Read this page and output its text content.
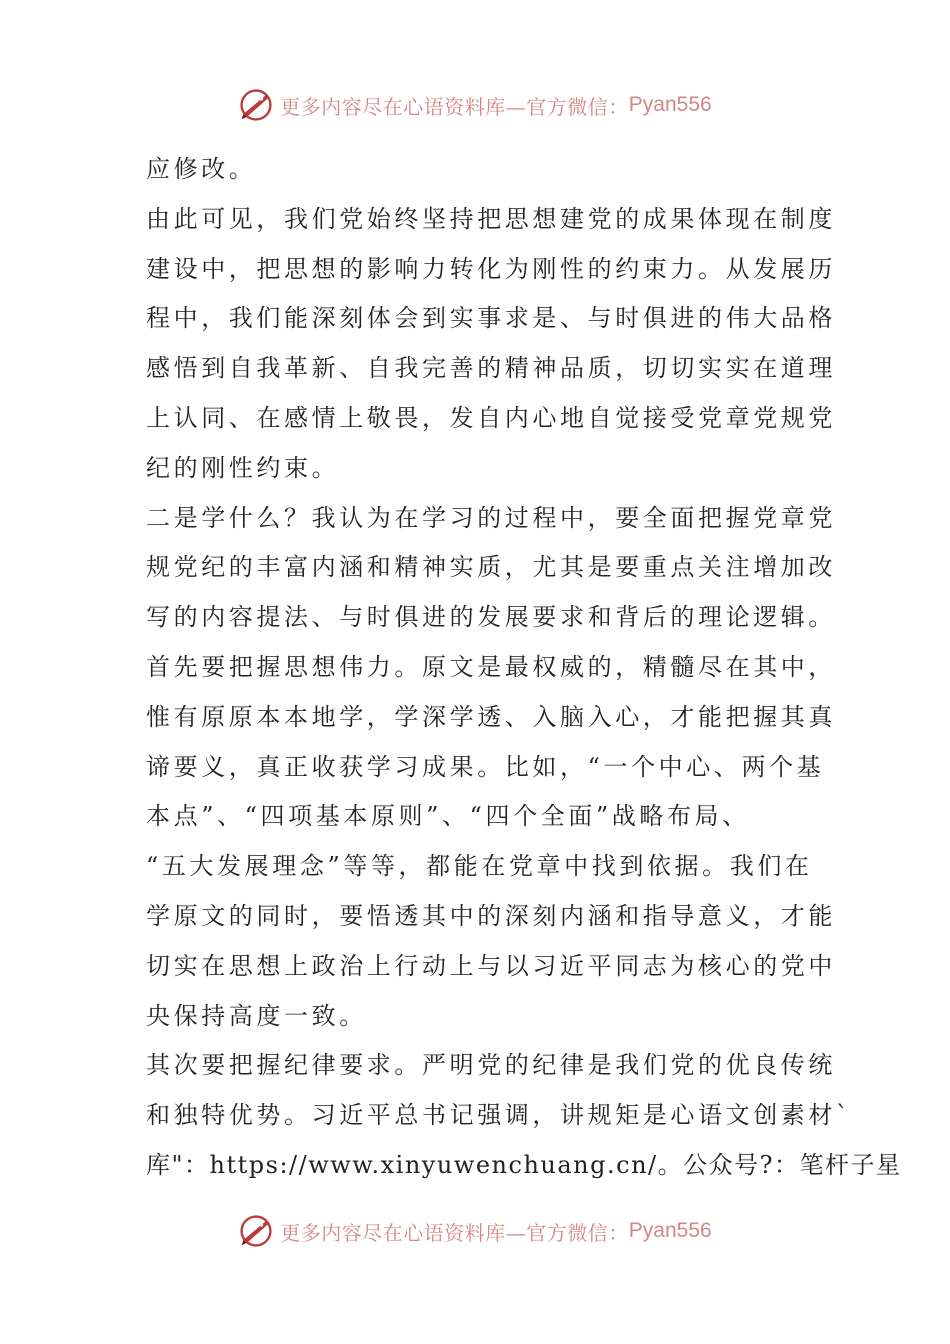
更多内容尽在心语资料库—官方微信： Pyan556
应修改。
由此可见，我们党始终坚持把思想建党的成果体现在制度
建设中，把思想的影响力转化为刚性的约束力。从发展历
程中，我们能深刻体会到实事求是、与时俱进的伟大品格
感悟到自我革新、自我完善的精神品质，切切实实在道理
上认同、在感情上敬畏，发自内心地自觉接受党章党规党
纪的刚性约束。
二是学什么？我认为在学习的过程中，要全面把握党章党
规党纪的丰富内涵和精神实质，尤其是要重点关注增加改
写的内容提法、与时俱进的发展要求和背后的理论逻辑。
首先要把握思想伟力。原文是最权威的，精髓尽在其中，
惟有原原本本地学，学深学透、入脑入心，才能把握其真
谛要义，真正收获学习成果。比如，“一个中心、两个基
本点”、“四项基本原则”、“四个全面”战略布局、
“五大发展理念”等等，都能在党章中找到依据。我们在
学原文的同时，要悟透其中的深刻内涵和指导意义，才能
切实在思想上政治上行动上与以习近平同志为核心的党中
央保持高度一致。
其次要把握纪律要求。严明党的纪律是我们党的优良传统
和独特优势。习近平总书记强调，讲规矩是心语文创素材`
库"：https://www.xinyuwenchuang.cn/。公众号?：笔杆子星
更多内容尽在心语资料库—官方微信： Pyan556
